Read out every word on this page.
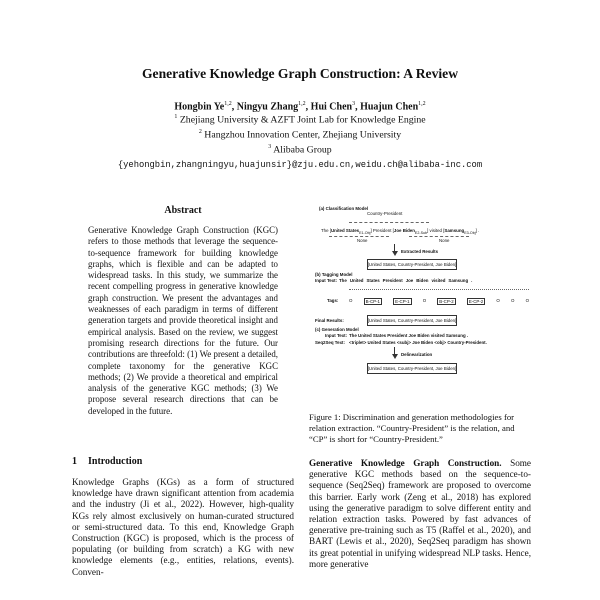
Generative Knowledge Graph Construction: A Review
Hongbin Ye$^{1,2}$, Ningyu Zhang$^{1,2}$, Hui Chen$^3$, Huajun Chen$^{1,2}$
$^1$ Zhejiang University & AZFT Joint Lab for Knowledge Engine
$^2$ Hangzhou Innovation Center, Zhejiang University
$^3$ Alibaba Group
{yehongbin,zhangningyu,huajunsir}@zju.edu.cn,weidu.ch@alibaba-inc.com
Abstract
Generative Knowledge Graph Construction (KGC) refers to those methods that leverage the sequence-to-sequence framework for building knowledge graphs, which is flexible and can be adapted to widespread tasks. In this study, we summarize the recent compelling progress in generative knowledge graph construction. We present the advantages and weaknesses of each paradigm in terms of different generation targets and provide theoretical insight and empirical analysis. Based on the review, we suggest promising research directions for the future. Our contributions are threefold: (1) We present a detailed, complete taxonomy for the generative KGC methods; (2) We provide a theoretical and empirical analysis of the generative KGC methods; (3) We propose several research directions that can be developed in the future.
1 Introduction
Knowledge Graphs (KGs) as a form of structured knowledge have drawn significant attention from academia and the industry (Ji et al., 2022). However, high-quality KGs rely almost exclusively on human-curated structured or semi-structured data. To this end, Knowledge Graph Construction (KGC) is proposed, which is the process of populating (or building from scratch) a KG with new knowledge elements (e.g., entities, relations, events). Conven-
(a) Classification Model
Country-President
The [United States$_{E1-Obj}$] President [Joe Biden$_{E2-Sub}$] visited [Samsung$_{E3-Obj}$] .
None	None
Extracted Results
[United States, Country-President, Joe Biden]
(b) Tagging Model
Input Text: The United States President Joe Biden visited Samsung .
Tags: O	B-CP-1	E-CP-1	O	B-CP-2	E-CP-2	O	O	O
Final Results:	[United States, Country-President, Joe Biden]
(c) Generation Model
Input Text: The United States President Joe Biden visited Samsung .
Seq2Seq Text: <triplet> United States <subj> Joe Biden <obj> Country-President.
Delinearization
[United States, Country-President, Joe Biden]
Figure 1: Discrimination and generation methodologies for relation extraction. “Country-President” is the relation, and “CP” is short for “Country-President.”
Generative Knowledge Graph Construction. Some generative KGC methods based on the sequence-to-sequence (Seq2Seq) framework are proposed to overcome this barrier. Early work (Zeng et al., 2018) has explored using the generative paradigm to solve different entity and relation extraction tasks. Powered by fast advances of generative pre-training such as T5 (Raffel et al., 2020), and BART (Lewis et al., 2020), Seq2Seq paradigm has shown its great potential in unifying widespread NLP tasks. Hence, more generative
